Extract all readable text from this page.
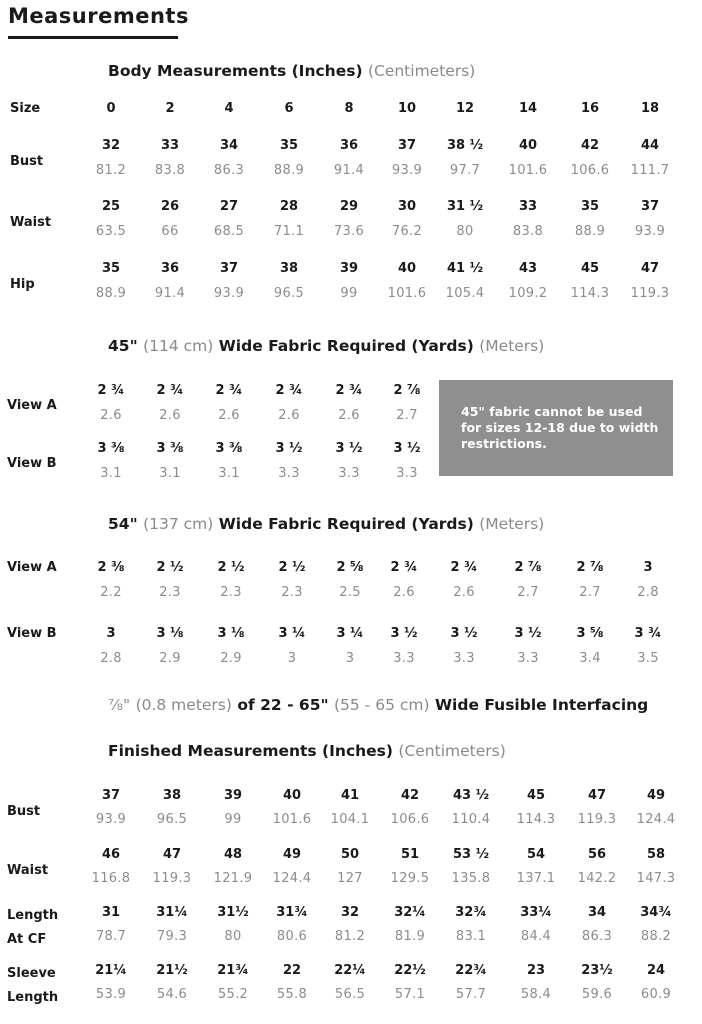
Measurements
Body Measurements (Inches) (Centimeters)
Size	0	2	4	6	8	10	12	14	16	18
Bust
32	33	34	35	36	37	38 ½	40	42	44
81.2	83.8	86.3	88.9	91.4	93.9	97.7	101.6	106.6	111.7
Waist
25	26	27	28	29	30	31 ½	33	35	37
63.5	66	68.5	71.1	73.6	76.2	80	83.8	88.9	93.9
Hip
35	36	37	38	39	40	41 ½	43	45	47
88.9	91.4	93.9	96.5	99	101.6	105.4	109.2	114.3	119.3
45" (114 cm) Wide Fabric Required (Yards) (Meters)
View A
2 ¾	2 ¾	2 ¾	2 ¾	2 ¾	2 ⅞
2.6	2.6	2.6	2.6	2.6	2.7
View B
3 ⅜	3 ⅜	3 ⅜	3 ½	3 ½	3 ½
3.1	3.1	3.1	3.3	3.3	3.3
45" fabric cannot be used for sizes 12-18 due to width restrictions.
54" (137 cm) Wide Fabric Required (Yards) (Meters)
View A	2 ⅜	2 ½	2 ½	2 ½	2 ⅝	2 ¾	2 ¾	2 ⅞	2 ⅞	3
2.2	2.3	2.3	2.3	2.5	2.6	2.6	2.7	2.7	2.8
View B	3	3 ⅛	3 ⅛	3 ¼	3 ¼	3 ½	3 ½	3 ½	3 ⅝	3 ¾
2.8	2.9	2.9	3	3	3.3	3.3	3.3	3.4	3.5
⅞" (0.8 meters) of 22 - 65" (55 - 65 cm) Wide Fusible Interfacing
Finished Measurements (Inches) (Centimeters)
Bust
37	38	39	40	41	42	43 ½	45	47	49
93.9	96.5	99	101.6	104.1	106.6	110.4	114.3	119.3	124.4
Waist
46	47	48	49	50	51	53 ½	54	56	58
116.8	119.3	121.9	124.4	127	129.5	135.8	137.1	142.2	147.3
Length
At CF
31	31¼	31½	31¾	32	32¼	32¾	33¼	34	34¾
78.7	79.3	80	80.6	81.2	81.9	83.1	84.4	86.3	88.2
Sleeve
Length
21¼	21½	21¾	22	22¼	22½	22¾	23	23½	24
53.9	54.6	55.2	55.8	56.5	57.1	57.7	58.4	59.6	60.9
